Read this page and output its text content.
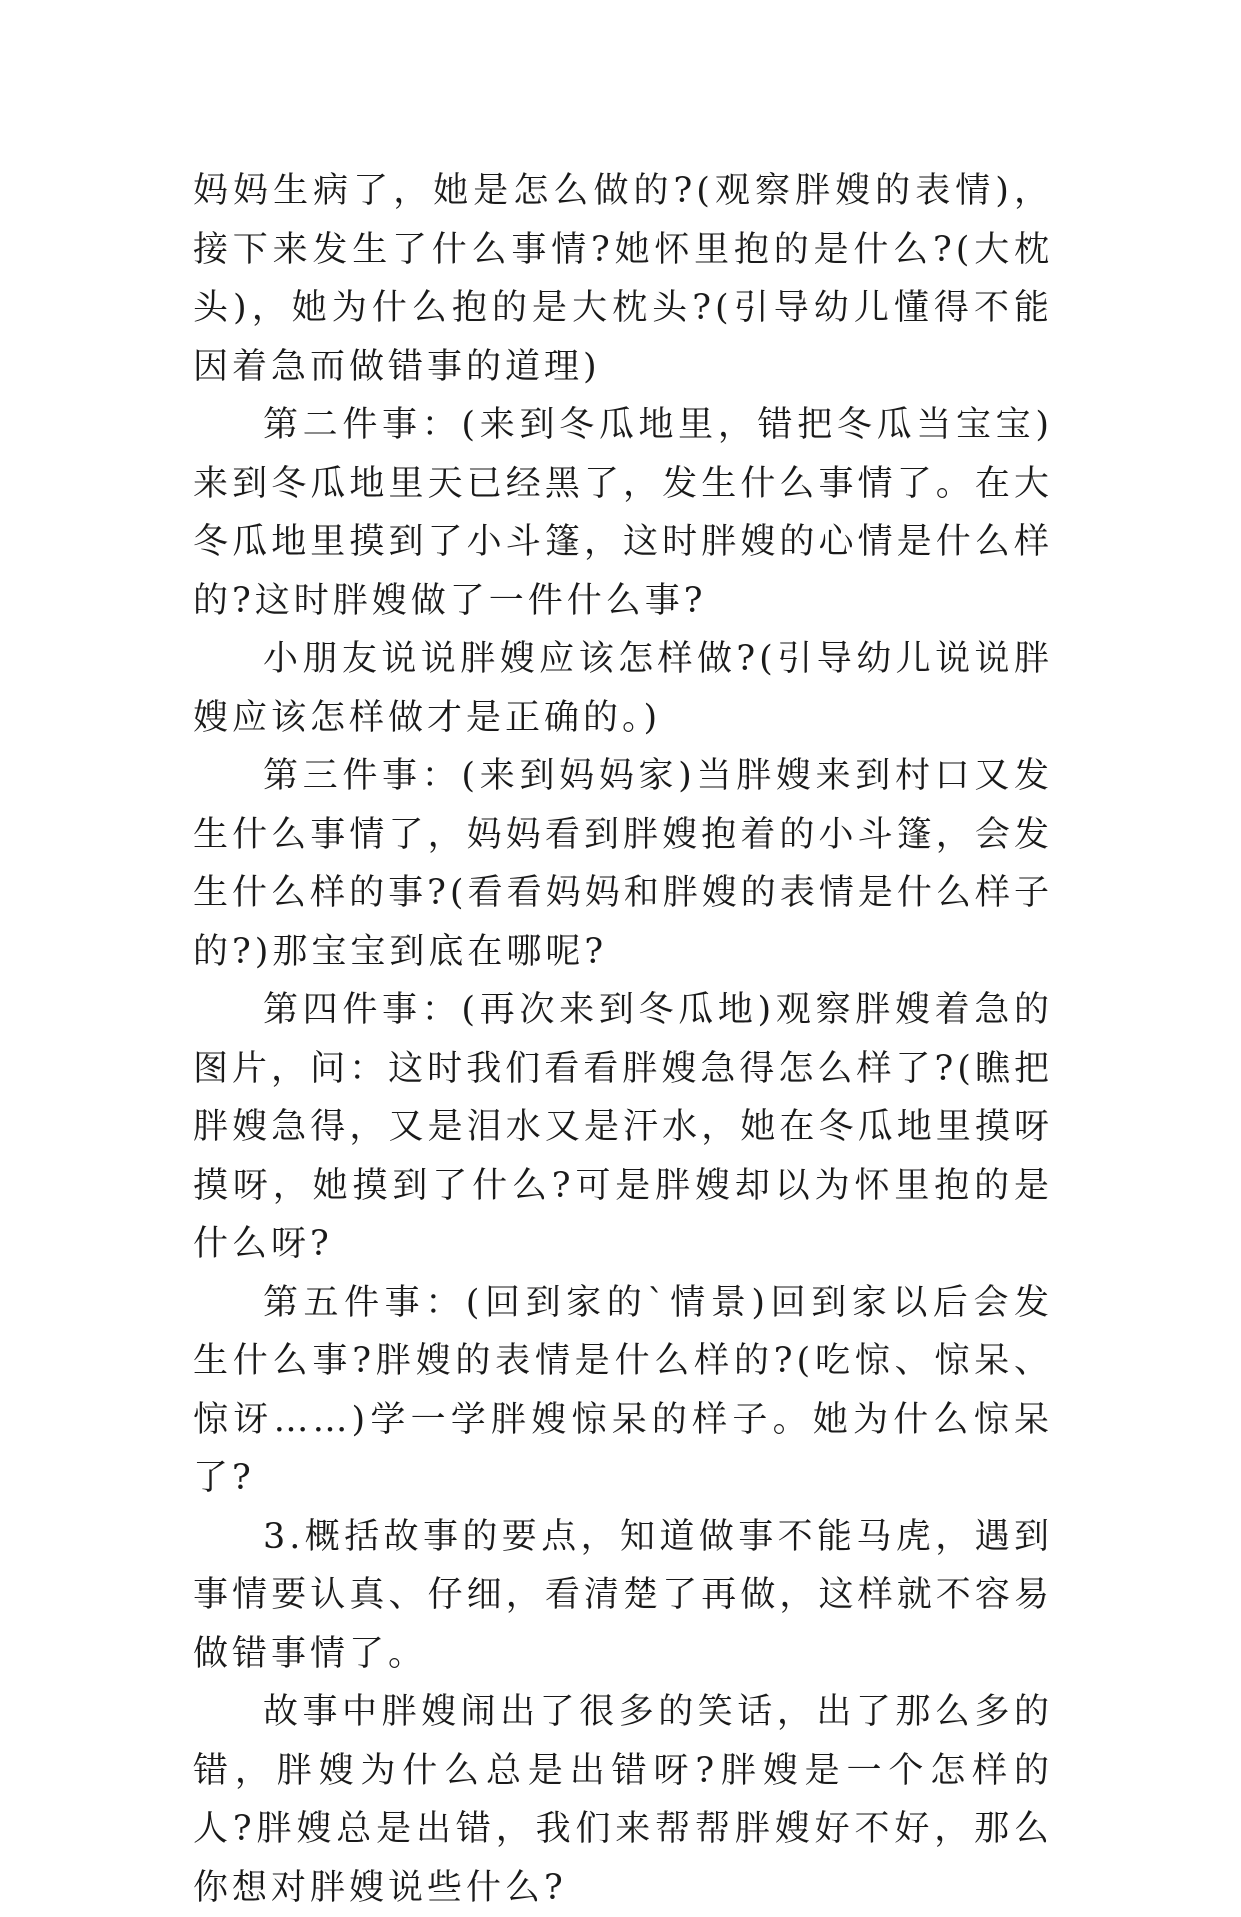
妈妈生病了，她是怎么做的?(观察胖嫂的表情)，接下来发生了什么事情?她怀里抱的是什么?(大枕头)，她为什么抱的是大枕头?(引导幼儿懂得不能因着急而做错事的道理)

第二件事：(来到冬瓜地里，错把冬瓜当宝宝)来到冬瓜地里天已经黑了，发生什么事情了。在大冬瓜地里摸到了小斗篷，这时胖嫂的心情是什么样的?这时胖嫂做了一件什么事?

小朋友说说胖嫂应该怎样做?(引导幼儿说说胖嫂应该怎样做才是正确的。)

第三件事：(来到妈妈家)当胖嫂来到村口又发生什么事情了，妈妈看到胖嫂抱着的小斗篷，会发生什么样的事?(看看妈妈和胖嫂的表情是什么样子的?)那宝宝到底在哪呢?

第四件事：(再次来到冬瓜地)观察胖嫂着急的图片，问：这时我们看看胖嫂急得怎么样了?(瞧把胖嫂急得，又是泪水又是汗水，她在冬瓜地里摸呀摸呀，她摸到了什么?可是胖嫂却以为怀里抱的是什么呀?

第五件事：(回到家的`情景)回到家以后会发生什么事?胖嫂的表情是什么样的?(吃惊、惊呆、惊讶……)学一学胖嫂惊呆的样子。她为什么惊呆了?

3.概括故事的要点，知道做事不能马虎，遇到事情要认真、仔细，看清楚了再做，这样就不容易做错事情了。

故事中胖嫂闹出了很多的笑话，出了那么多的错，胖嫂为什么总是出错呀?胖嫂是一个怎样的人?胖嫂总是出错，我们来帮帮胖嫂好不好，那么你想对胖嫂说些什么?
